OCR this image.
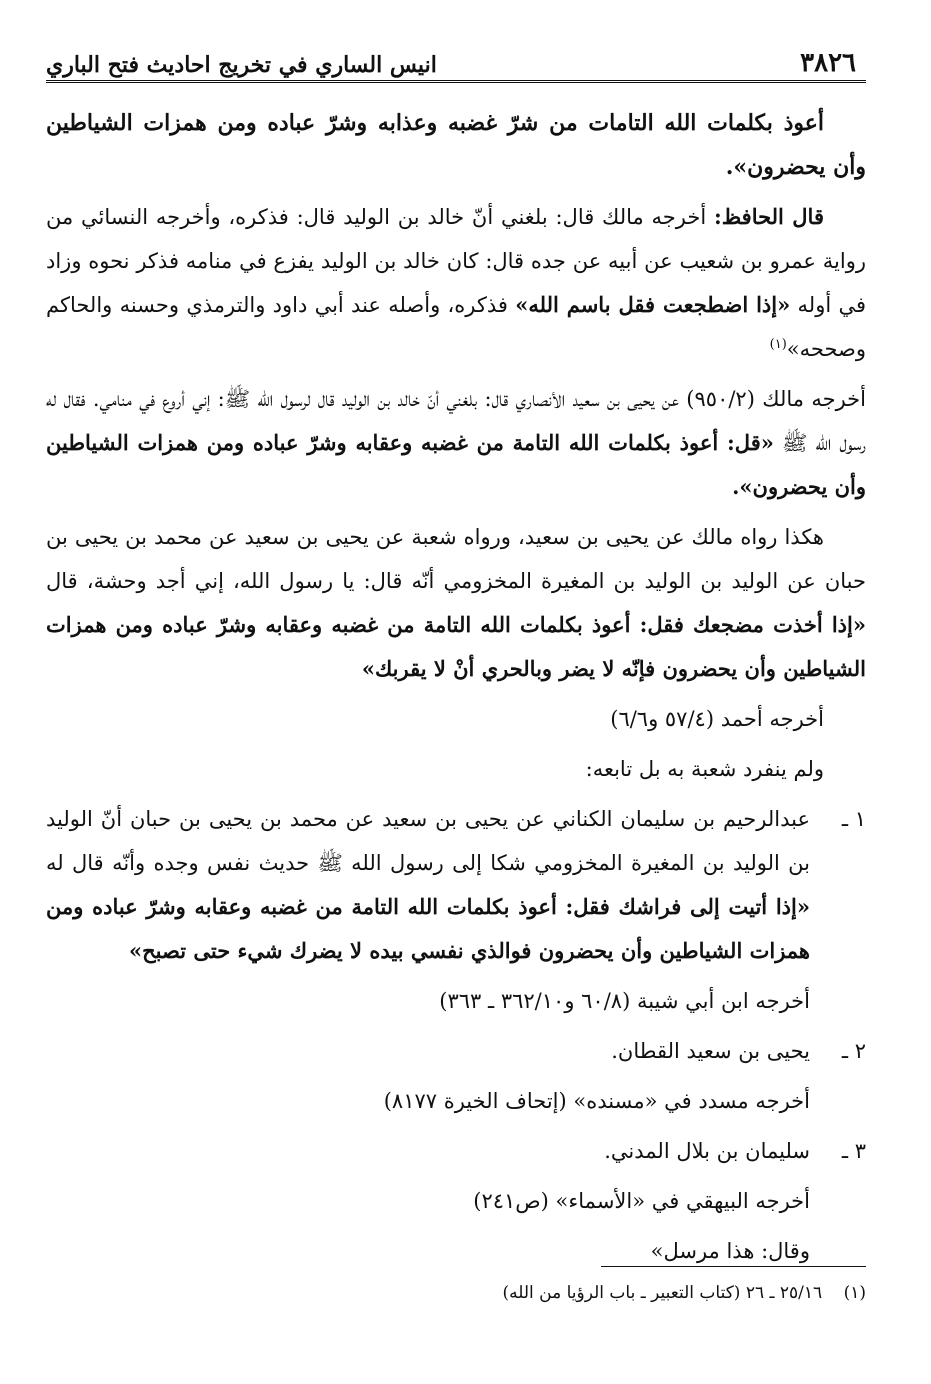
٣٨٢٦
انيس الساري في تخريج احاديث فتح الباري

أعوذ بكلمات الله التامات من شرّ غضبه وعذابه وشرّ عباده ومن همزات الشياطين وأن يحضرون».

قال الحافظ: أخرجه مالك قال: بلغني أنّ خالد بن الوليد قال: فذكره، وأخرجه النسائي من رواية عمرو بن شعيب عن أبيه عن جده قال: كان خالد بن الوليد يفزع في منامه فذكر نحوه وزاد في أوله «إذا اضطجعت فقل باسم الله» فذكره، وأصله عند أبي داود والترمذي وحسنه والحاكم وصححه»$^{(١)}$

أخرجه مالك (٩٥٠/٢) عن يحيى بن سعيد الأنصاري قال: بلغني أنّ خالد بن الوليد قال لرسول الله ﷺ: إني أروع في منامي. فقال له رسول الله ﷺ «قل: أعوذ بكلمات الله التامة من غضبه وعقابه وشرّ عباده ومن همزات الشياطين وأن يحضرون».

هكذا رواه مالك عن يحيى بن سعيد، ورواه شعبة عن يحيى بن سعيد عن محمد بن يحيى بن حبان عن الوليد بن الوليد بن المغيرة المخزومي أنّه قال: يا رسول الله، إني أجد وحشة، قال «إذا أخذت مضجعك فقل: أعوذ بكلمات الله التامة من غضبه وعقابه وشرّ عباده ومن همزات الشياطين وأن يحضرون فإنّه لا يضر وبالحري أنْ لا يقربك»

أخرجه أحمد (٥٧/٤ و٦/٦)

ولم ينفرد شعبة به بل تابعه:

١ ـ
عبدالرحيم بن سليمان الكناني عن يحيى بن سعيد عن محمد بن يحيى بن حبان أنّ الوليد بن الوليد بن المغيرة المخزومي شكا إلى رسول الله ﷺ حديث نفس وجده وأنّه قال له «إذا أتيت إلى فراشك فقل: أعوذ بكلمات الله التامة من غضبه وعقابه وشرّ عباده ومن همزات الشياطين وأن يحضرون فوالذي نفسي بيده لا يضرك شيء حتى تصبح»

أخرجه ابن أبي شيبة (٦٠/٨ و٣٦٢/١٠ ـ ٣٦٣)

٢ ـ
يحيى بن سعيد القطان.

أخرجه مسدد في «مسنده» (إتحاف الخيرة ٨١٧٧)

٣ ـ
سليمان بن بلال المدني.

أخرجه البيهقي في «الأسماء» (ص٢٤١)

وقال: هذا مرسل»

(١) ٢٥/١٦ ـ ٢٦ (كتاب التعبير ـ باب الرؤيا من الله)
